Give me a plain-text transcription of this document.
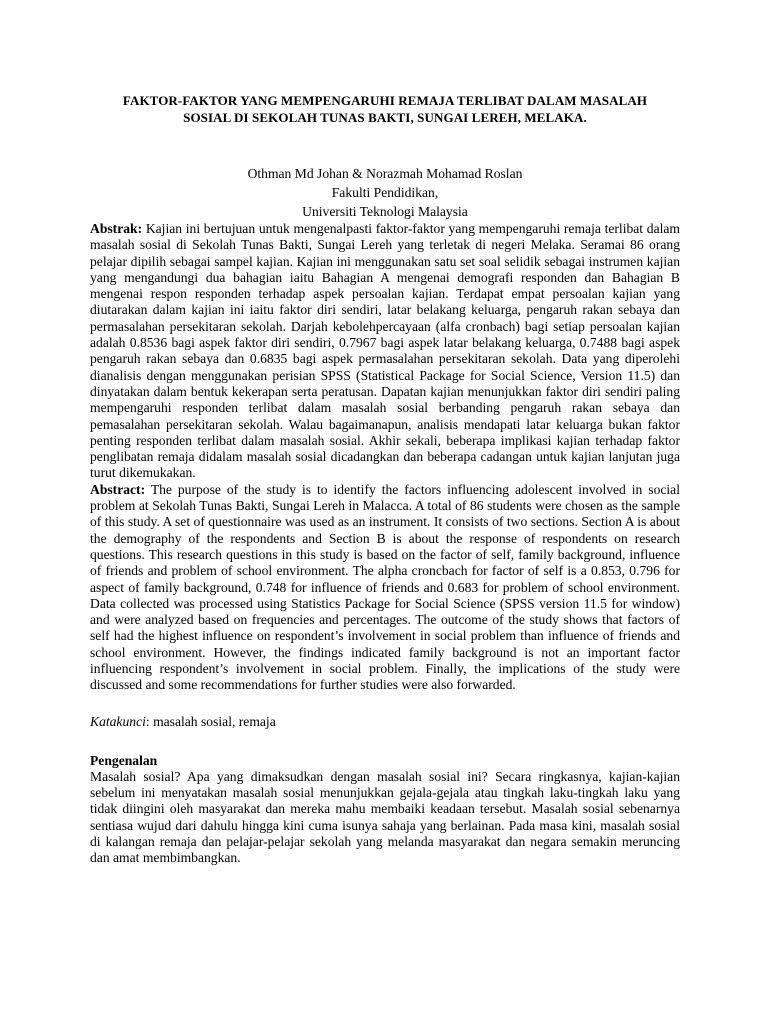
FAKTOR-FAKTOR YANG MEMPENGARUHI REMAJA TERLIBAT DALAM MASALAH
SOSIAL DI SEKOLAH TUNAS BAKTI, SUNGAI LEREH, MELAKA.
Othman Md Johan & Norazmah Mohamad Roslan
Fakulti Pendidikan,
Universiti Teknologi Malaysia

Abstrak: Kajian ini bertujuan untuk mengenalpasti faktor-faktor yang mempengaruhi remaja terlibat dalam masalah sosial di Sekolah Tunas Bakti, Sungai Lereh yang terletak di negeri Melaka. Seramai 86 orang pelajar dipilih sebagai sampel kajian. Kajian ini menggunakan satu set soal selidik sebagai instrumen kajian yang mengandungi dua bahagian iaitu Bahagian A mengenai demografi responden dan Bahagian B mengenai respon responden terhadap aspek persoalan kajian. Terdapat empat persoalan kajian yang diutarakan dalam kajian ini iaitu faktor diri sendiri, latar belakang keluarga, pengaruh rakan sebaya dan permasalahan persekitaran sekolah. Darjah kebolehpercayaan (alfa cronbach) bagi setiap persoalan kajian adalah 0.8536 bagi aspek faktor diri sendiri, 0.7967 bagi aspek latar belakang keluarga, 0.7488 bagi aspek pengaruh rakan sebaya dan 0.6835 bagi aspek permasalahan persekitaran sekolah. Data yang diperolehi dianalisis dengan menggunakan perisian SPSS (Statistical Package for Social Science, Version 11.5) dan dinyatakan dalam bentuk kekerapan serta peratusan. Dapatan kajian menunjukkan faktor diri sendiri paling mempengaruhi responden terlibat dalam masalah sosial berbanding pengaruh rakan sebaya dan pemasalahan persekitaran sekolah. Walau bagaimanapun, analisis mendapati latar keluarga bukan faktor penting responden terlibat dalam masalah sosial. Akhir sekali, beberapa implikasi kajian terhadap faktor penglibatan remaja didalam masalah sosial dicadangkan dan beberapa cadangan untuk kajian lanjutan juga turut dikemukakan.

Abstract: The purpose of the study is to identify the factors influencing adolescent involved in social problem at Sekolah Tunas Bakti, Sungai Lereh in Malacca. A total of 86 students were chosen as the sample of this study. A set of questionnaire was used as an instrument. It consists of two sections. Section A is about the demography of the respondents and Section B is about the response of respondents on research questions. This research questions in this study is based on the factor of self, family background, influence of friends and problem of school environment. The alpha croncbach for factor of self is a 0.853, 0.796 for aspect of family background, 0.748 for influence of friends and 0.683 for problem of school environment. Data collected was processed using Statistics Package for Social Science (SPSS version 11.5 for window) and were analyzed based on frequencies and percentages. The outcome of the study shows that factors of self had the highest influence on respondent’s involvement in social problem than influence of friends and school environment. However, the findings indicated family background is not an important factor influencing respondent’s involvement in social problem. Finally, the implications of the study were discussed and some recommendations for further studies were also forwarded.

Katakunci: masalah sosial, remaja
Pengenalan

Masalah sosial? Apa yang dimaksudkan dengan masalah sosial ini? Secara ringkasnya, kajian-kajian sebelum ini menyatakan masalah sosial menunjukkan gejala-gejala atau tingkah laku-tingkah laku yang tidak diingini oleh masyarakat dan mereka mahu membaiki keadaan tersebut. Masalah sosial sebenarnya sentiasa wujud dari dahulu hingga kini cuma isunya sahaja yang berlainan. Pada masa kini, masalah sosial di kalangan remaja dan pelajar-pelajar sekolah yang melanda masyarakat dan negara semakin meruncing dan amat membimbangkan.
